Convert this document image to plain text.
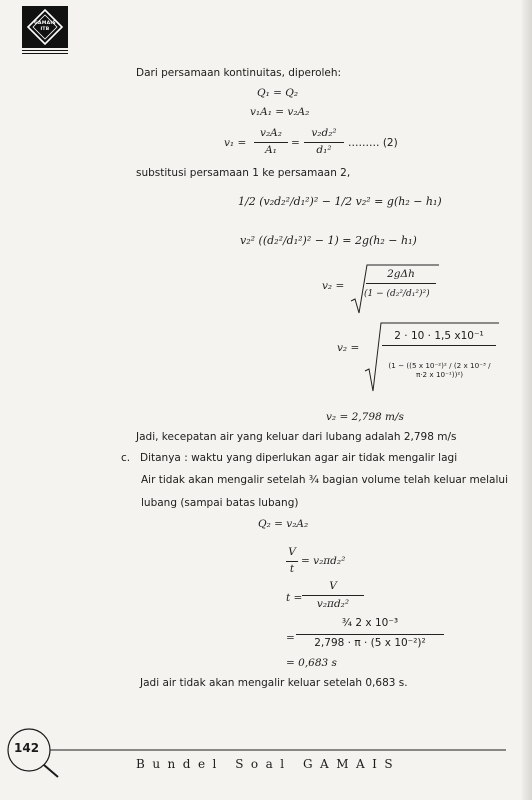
GAMAIS
ITB
Dari persamaan kontinuitas, diperoleh:
Q₁ = Q₂
v₁A₁ = v₂A₂
v₁ =
v₂A₂
A₁
=
v₂d₂²
d₁²
……… (2)
substitusi persamaan 1 ke persamaan 2,
1/2 (v₂d₂²/d₁²)² − 1/2 v₂² = g(h₂ − h₁)
v₂² ((d₂²/d₁²)² − 1) = 2g(h₂ − h₁)
v₂ =
2gΔh
(1 − (d₂²/d₁²)²)
v₂ =
2 · 10 · 1,5 x10⁻¹
(1 − ((5 x 10⁻²)² / (2 x 10⁻³ / π·2 x 10⁻¹))²)
v₂ = 2,798 m/s
Jadi, kecepatan air yang keluar dari lubang adalah 2,798 m/s
c. Ditanya : waktu yang diperlukan agar air tidak mengalir lagi
Air tidak akan mengalir setelah ¾ bagian volume telah keluar melalui
lubang (sampai batas lubang)
Q₂ = v₂A₂
V
t
= v₂πd₂²
t =
V
v₂πd₂²
=
¾ 2 x 10⁻³
2,798 · π · (5 x 10⁻²)²
= 0,683 s
Jadi air tidak akan mengalir keluar setelah 0,683 s.
142
Bundel Soal GAMAIS
